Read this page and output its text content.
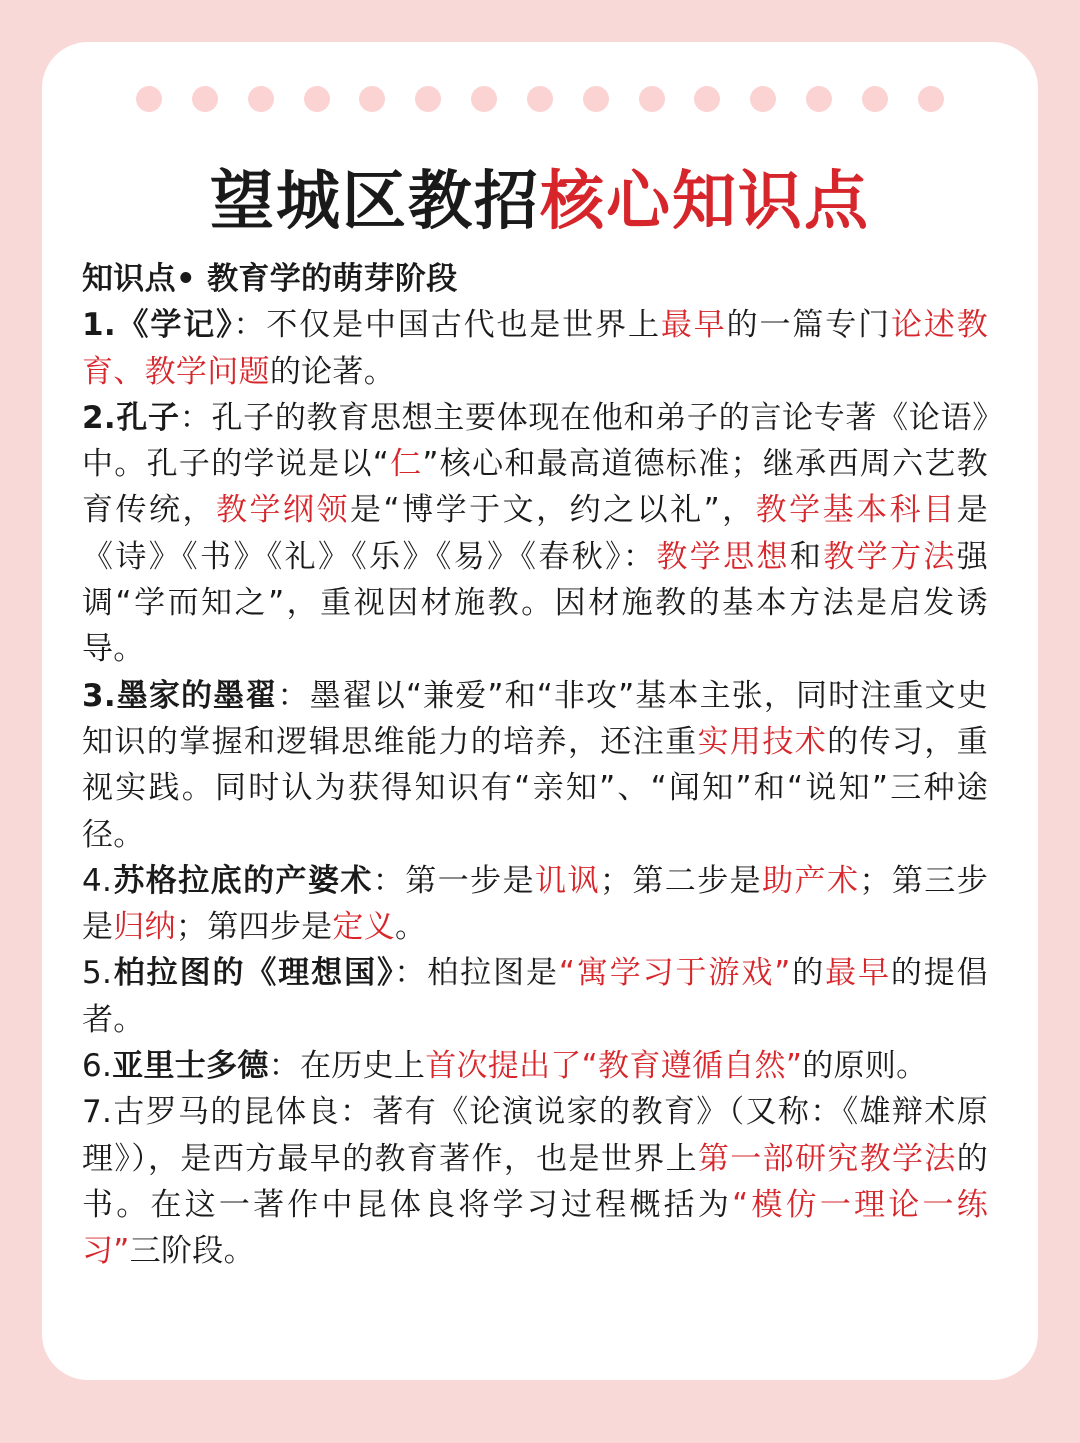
望城区教招核心知识点

知识点• 教育学的萌芽阶段

1.《学记》：不仅是中国古代也是世界上最早的一篇专门论述教育、教学问题的论著。

2.孔子：孔子的教育思想主要体现在他和弟子的言论专著《论语》中。孔子的学说是以“仁”核心和最高道德标准；继承西周六艺教育传统，教学纲领是“博学于文，约之以礼”，教学基本科目是《诗》《书》《礼》《乐》《易》《春秋》：教学思想和教学方法强调“学而知之”，重视因材施教。因材施教的基本方法是启发诱导。

3.墨家的墨翟：墨翟以“兼爱”和“非攻”基本主张，同时注重文史知识的掌握和逻辑思维能力的培养，还注重实用技术的传习，重视实践。同时认为获得知识有“亲知”、“闻知”和“说知”三种途径。

4.苏格拉底的产婆术：第一步是讥讽；第二步是助产术；第三步是归纳；第四步是定义。

5.柏拉图的《理想国》：柏拉图是“寓学习于游戏”的最早的提倡者。

6.亚里士多德：在历史上首次提出了“教育遵循自然”的原则。

7.古罗马的昆体良：著有《论演说家的教育》（又称：《雄辩术原理》），是西方最早的教育著作，也是世界上第一部研究教学法的书。在这一著作中昆体良将学习过程概括为“模仿一理论一练习”三阶段。
